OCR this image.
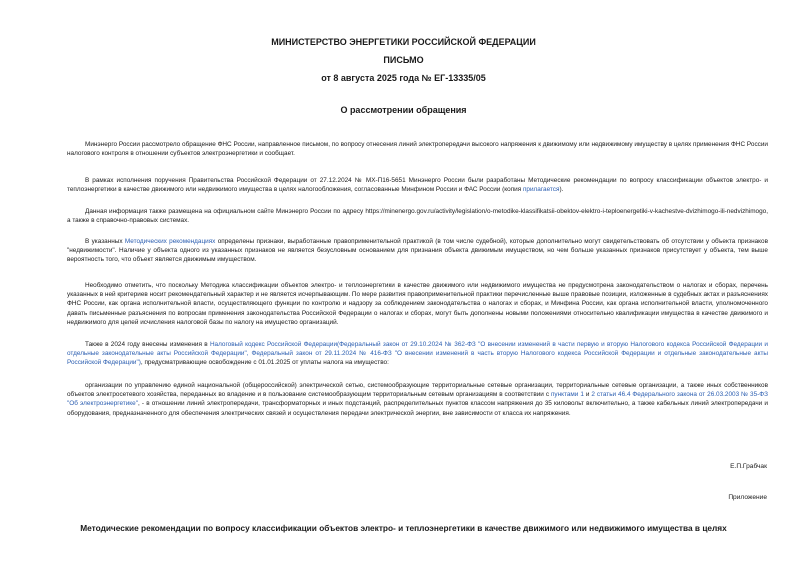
МИНИСТЕРСТВО ЭНЕРГЕТИКИ РОССИЙСКОЙ ФЕДЕРАЦИИ
ПИСЬМО
от 8 августа 2025 года № ЕГ-13335/05
О рассмотрении обращения
Минэнерго России рассмотрело обращение ФНС России, направленное письмом, по вопросу отнесения линий электропередачи высокого напряжения к движимому или недвижимому имуществу в целях применения ФНС России налогового контроля в отношении субъектов электроэнергетики и сообщает.
В рамках исполнения поручения Правительства Российской Федерации от 27.12.2024 № МХ-П16-5651 Минэнерго России были разработаны Методические рекомендации по вопросу классификации объектов электро- и теплоэнергетики в качестве движимого или недвижимого имущества в целях налогообложения, согласованные Минфином России и ФАС России (копия прилагается).
Данная информация также размещена на официальном сайте Минэнерго России по адресу https://minenergo.gov.ru/activity/legislation/o-metodike-klassifikatsii-obektov-elektro-i-teploenergetiki-v-kachestve-dvizhimogo-ili-nedvizhimogo, а также в справочно-правовых системах.
В указанных Методических рекомендациях определены признаки, выработанные правоприменительной практикой (в том числе судебной), которые дополнительно могут свидетельствовать об отсутствии у объекта признаков "недвижимости". Наличие у объекта одного из указанных признаков не является безусловным основанием для признания объекта движимым имуществом, но чем больше указанных признаков присутствует у объекта, тем выше вероятность того, что объект является движимым имуществом.
Необходимо отметить, что поскольку Методика классификации объектов электро- и теплоэнергетики в качестве движимого или недвижимого имущества не предусмотрена законодательством о налогах и сборах, перечень указанных в ней критериев носит рекомендательный характер и не является исчерпывающим. По мере развития правоприменительной практики перечисленные выше правовые позиции, изложенные в судебных актах и разъяснениях ФНС России, как органа исполнительной власти, осуществляющего функции по контролю и надзору за соблюдением законодательства о налогах и сборах, и Минфина России, как органа исполнительной власти, уполномоченного давать письменные разъяснения по вопросам применения законодательства Российской Федерации о налогах и сборах, могут быть дополнены новыми положениями относительно квалификации имущества в качестве движимого и недвижимого для целей исчисления налоговой базы по налогу на имущество организаций.
Также в 2024 году внесены изменения в Налоговый кодекс Российской Федерации(Федеральный закон от 29.10.2024 № 362-ФЗ "О внесении изменений в части первую и вторую Налогового кодекса Российской Федерации и отдельные законодательные акты Российской Федерации", Федеральный закон от 29.11.2024 № 416-ФЗ "О внесении изменений в часть вторую Налогового кодекса Российской Федерации и отдельные законодательные акты Российской Федерации"), предусматривающие освобождение с 01.01.2025 от уплаты налога на имущество:
организации по управлению единой национальной (общероссийской) электрической сетью, системообразующие территориальные сетевые организации, территориальные сетевые организации, а также иных собственников объектов электросетевого хозяйства, переданных во владение и в пользование системообразующим территориальным сетевым организациям в соответствии с пунктами 1 и 2 статьи 46.4 Федерального закона от 26.03.2003 № 35-ФЗ "Об электроэнергетике", - в отношении линий электропередачи, трансформаторных и иных подстанций, распределительных пунктов классом напряжения до 35 киловольт включительно, а также кабельных линий электропередачи и оборудования, предназначенного для обеспечения электрических связей и осуществления передачи электрической энергии, вне зависимости от класса их напряжения.
Е.П.Грабчак
Приложение
Методические рекомендации по вопросу классификации объектов электро- и теплоэнергетики в качестве движимого или недвижимого имущества в целях
